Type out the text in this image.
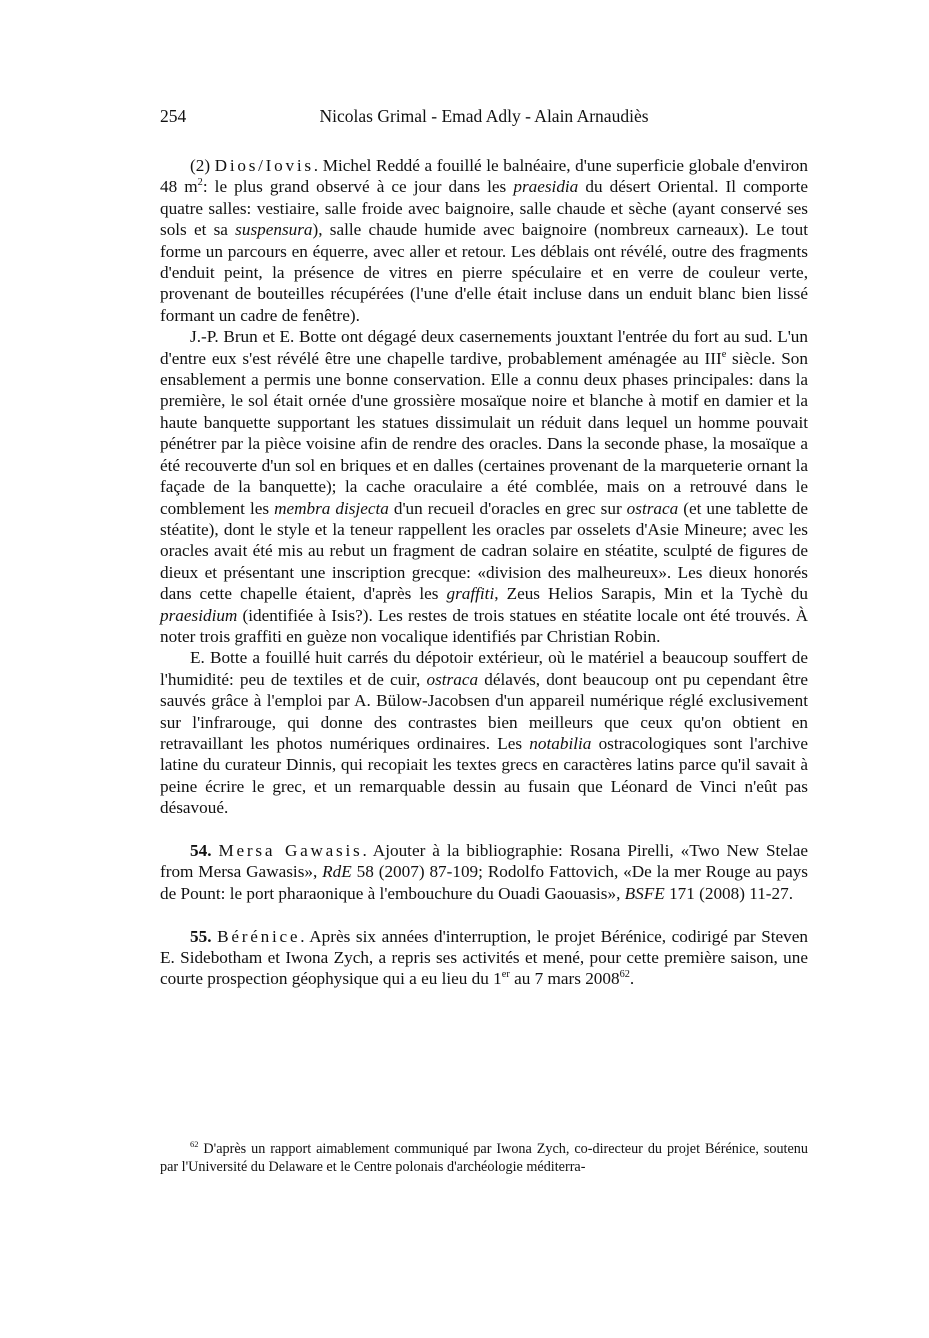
254	Nicolas Grimal - Emad Adly - Alain Arnaudiès

(2) Dios/Iovis. Michel Reddé a fouillé le balnéaire, d'une superficie globale d'environ 48 $m^2$: le plus grand observé à ce jour dans les praesidia du désert Oriental. Il comporte quatre salles: vestiaire, salle froide avec baignoire, salle chaude et sèche (ayant conservé ses sols et sa suspensura), salle chaude humide avec baignoire (nombreux carneaux). Le tout forme un parcours en équerre, avec aller et retour. Les déblais ont révélé, outre des fragments d'enduit peint, la présence de vitres en pierre spéculaire et en verre de couleur verte, provenant de bouteilles récupérées (l'une d'elle était incluse dans un enduit blanc bien lissé formant un cadre de fenêtre).

J.-P. Brun et E. Botte ont dégagé deux casernements jouxtant l'entrée du fort au sud. L'un d'entre eux s'est révélé être une chapelle tardive, probablement aménagée au IIIe siècle. Son ensablement a permis une bonne conservation. Elle a connu deux phases principales: dans la première, le sol était ornée d'une grossière mosaïque noire et blanche à motif en damier et la haute banquette supportant les statues dissimulait un réduit dans lequel un homme pouvait pénétrer par la pièce voisine afin de rendre des oracles. Dans la seconde phase, la mosaïque a été recouverte d'un sol en briques et en dalles (certaines provenant de la marqueterie ornant la façade de la banquette); la cache oraculaire a été comblée, mais on a retrouvé dans le comblement les membra disjecta d'un recueil d'oracles en grec sur ostraca (et une tablette de stéatite), dont le style et la teneur rappellent les oracles par osselets d'Asie Mineure; avec les oracles avait été mis au rebut un fragment de cadran solaire en stéatite, sculpté de figures de dieux et présentant une inscription grecque: «division des malheureux». Les dieux honorés dans cette chapelle étaient, d'après les graffiti, Zeus Helios Sarapis, Min et la Tychè du praesidium (identifiée à Isis?). Les restes de trois statues en stéatite locale ont été trouvés. À noter trois graffiti en guèze non vocalique identifiés par Christian Robin.

E. Botte a fouillé huit carrés du dépotoir extérieur, où le matériel a beaucoup souffert de l'humidité: peu de textiles et de cuir, ostraca délavés, dont beaucoup ont pu cependant être sauvés grâce à l'emploi par A. Bülow-Jacobsen d'un appareil numérique réglé exclusivement sur l'infrarouge, qui donne des contrastes bien meilleurs que ceux qu'on obtient en retravaillant les photos numériques ordinaires. Les notabilia ostracologiques sont l'archive latine du curateur Dinnis, qui recopiait les textes grecs en caractères latins parce qu'il savait à peine écrire le grec, et un remarquable dessin au fusain que Léonard de Vinci n'eût pas désavoué.

54. Mersa Gawasis. Ajouter à la bibliographie: Rosana Pirelli, «Two New Stelae from Mersa Gawasis», RdE 58 (2007) 87-109; Rodolfo Fattovich, «De la mer Rouge au pays de Pount: le port pharaonique à l'embouchure du Ouadi Gaouasis», BSFE 171 (2008) 11-27.

55. Bérénice. Après six années d'interruption, le projet Bérénice, codirigé par Steven E. Sidebotham et Iwona Zych, a repris ses activités et mené, pour cette première saison, une courte prospection géophysique qui a eu lieu du 1er au 7 mars 2008$^{62}$.

$^{62}$ D'après un rapport aimablement communiqué par Iwona Zych, co-directeur du projet Bérénice, soutenu par l'Université du Delaware et le Centre polonais d'archéologie méditerra-
